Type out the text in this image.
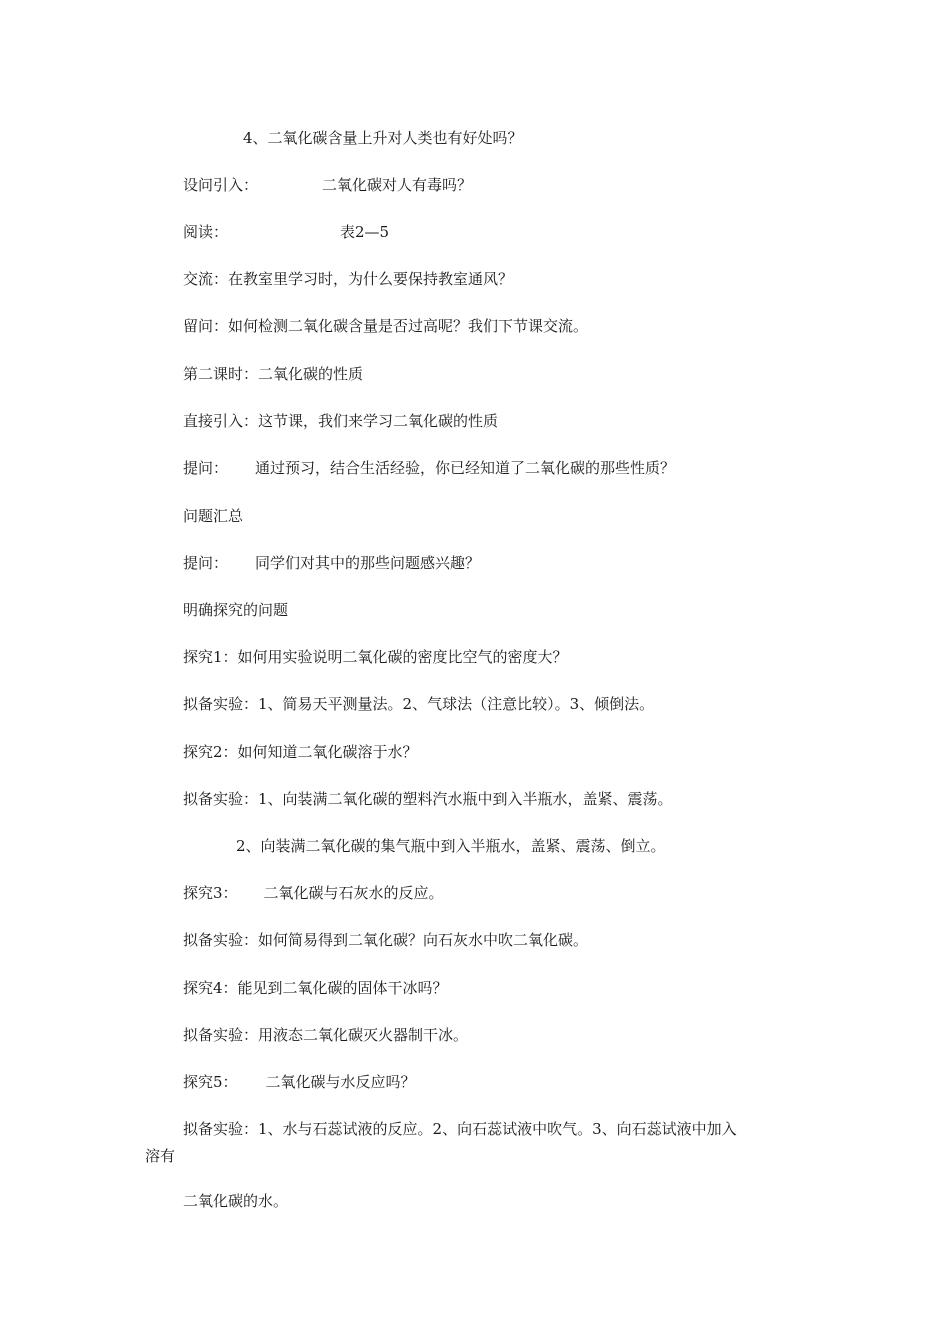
4、二氧化碳含量上升对人类也有好处吗？
设问引入：	二氧化碳对人有毒吗？
阅读：	表2—5
交流：在教室里学习时，为什么要保持教室通风？
留问：如何检测二氧化碳含量是否过高呢？我们下节课交流。
第二课时：二氧化碳的性质
直接引入：这节课，我们来学习二氧化碳的性质
提问： 通过预习，结合生活经验，你已经知道了二氧化碳的那些性质？
问题汇总
提问： 同学们对其中的那些问题感兴趣？
明确探究的问题
探究1：如何用实验说明二氧化碳的密度比空气的密度大？
拟备实验：1、简易天平测量法。2、气球法（注意比较）。3、倾倒法。
探究2：如何知道二氧化碳溶于水？
拟备实验：1、向装满二氧化碳的塑料汽水瓶中到入半瓶水，盖紧、震荡。
2、向装满二氧化碳的集气瓶中到入半瓶水，盖紧、震荡、倒立。
探究3： 二氧化碳与石灰水的反应。
拟备实验：如何简易得到二氧化碳？向石灰水中吹二氧化碳。
探究4：能见到二氧化碳的固体干冰吗？
拟备实验：用液态二氧化碳灭火器制干冰。
探究5： 二氧化碳与水反应吗？
拟备实验：1、水与石蕊试液的反应。2、向石蕊试液中吹气。3、向石蕊试液中加入
溶有
二氧化碳的水。
